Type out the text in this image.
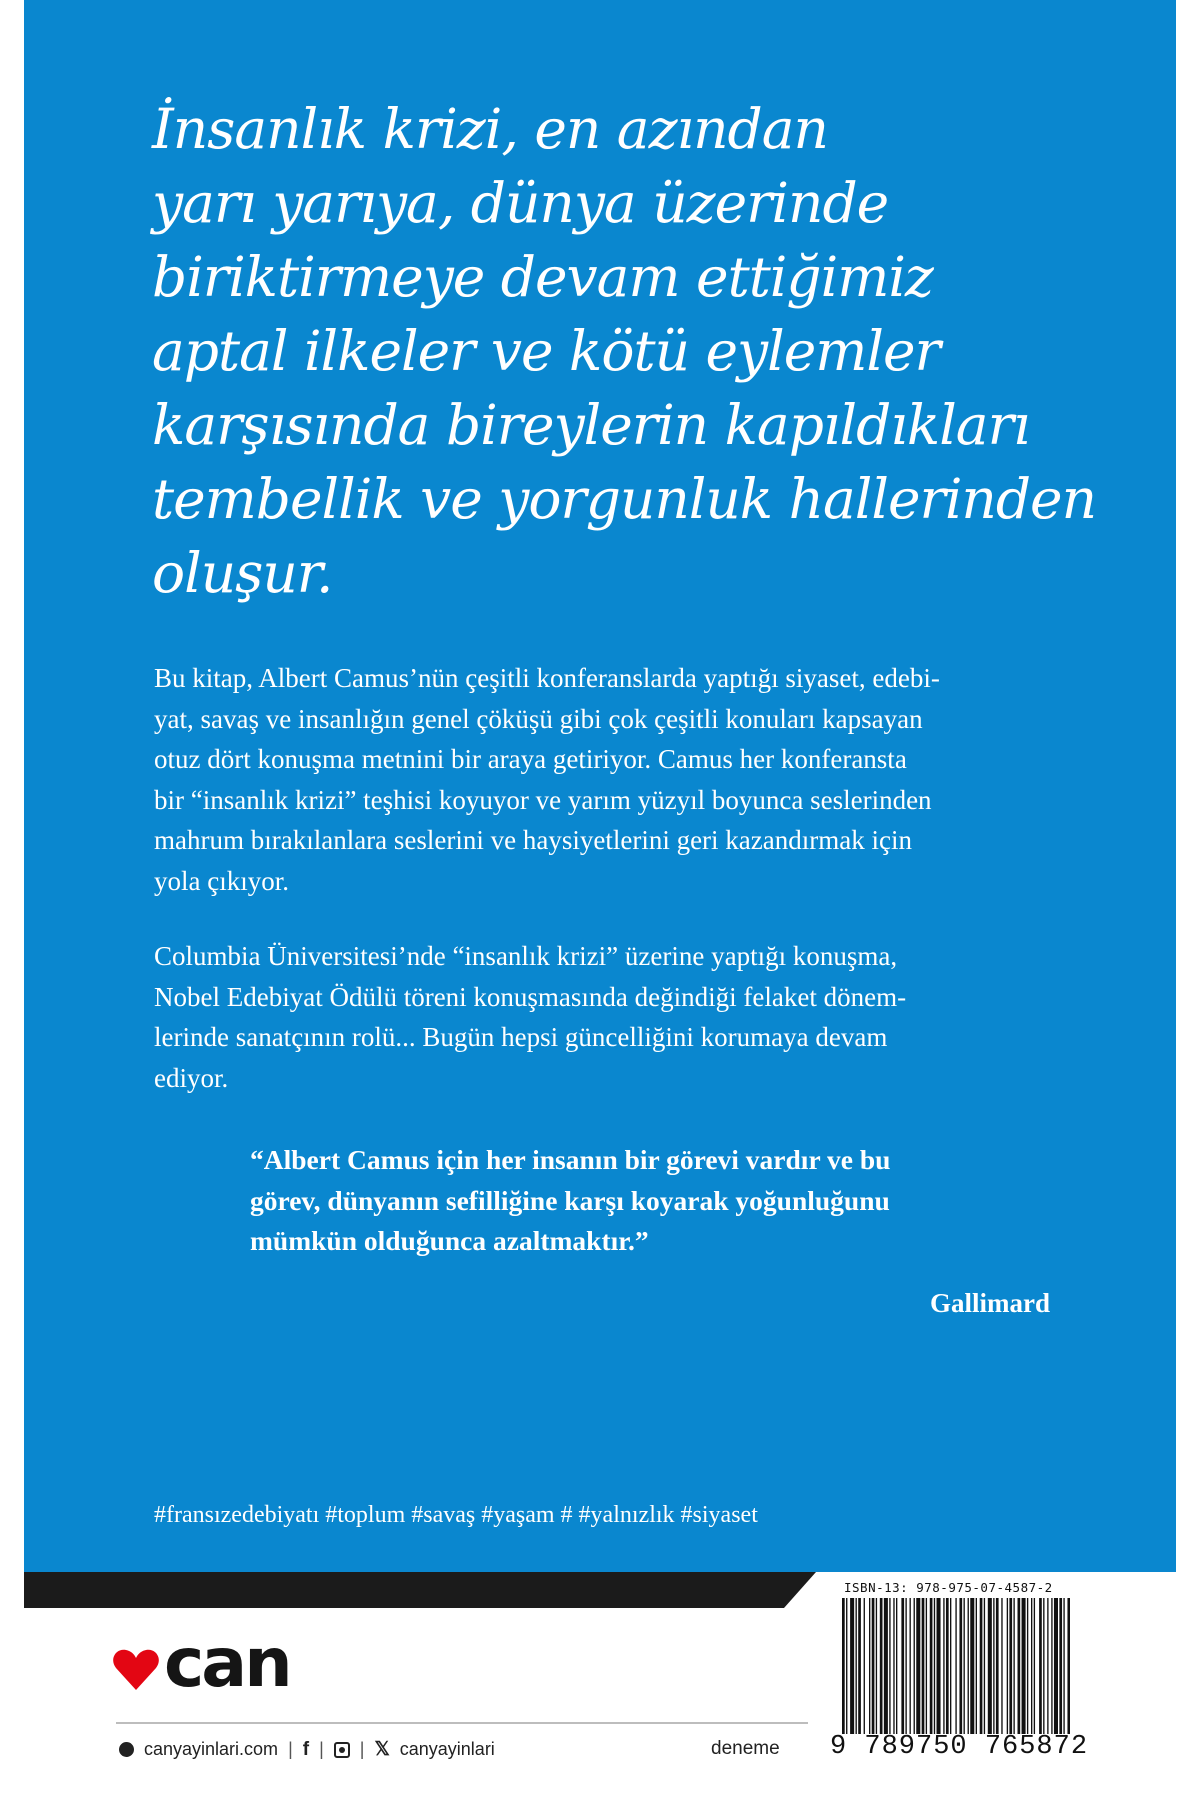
İnsanlık krizi, en azından
yarı yarıya, dünya üzerinde
biriktirmeye devam ettiğimiz
aptal ilkeler ve kötü eylemler
karşısında bireylerin kapıldıkları
tembellik ve yorgunluk hallerinden
oluşur.

Bu kitap, Albert Camus’nün çeşitli konferanslarda yaptığı siyaset, edebi-
yat, savaş ve insanlığın genel çöküşü gibi çok çeşitli konuları kapsayan
otuz dört konuşma metnini bir araya getiriyor. Camus her konferansta
bir “insanlık krizi” teşhisi koyuyor ve yarım yüzyıl boyunca seslerinden
mahrum bırakılanlara seslerini ve haysiyetlerini geri kazandırmak için
yola çıkıyor.

Columbia Üniversitesi’nde “insanlık krizi” üzerine yaptığı konuşma,
Nobel Edebiyat Ödülü töreni konuşmasında değindiği felaket dönem-
lerinde sanatçının rolü... Bugün hepsi güncelliğini korumaya devam
ediyor.

“Albert Camus için her insanın bir görevi vardır ve bu
görev, dünyanın sefilliğine karşı koyarak yoğunluğunu
mümkün olduğunca azaltmaktır.”

Gallimard
#fransızedebiyatı #toplum #savaş #yaşam # #yalnızlık #siyaset
can
canyayinlari.com | f | | 𝕏 canyayinlari	deneme
ISBN-13: 978-975-07-4587-2
9 789750 765872
